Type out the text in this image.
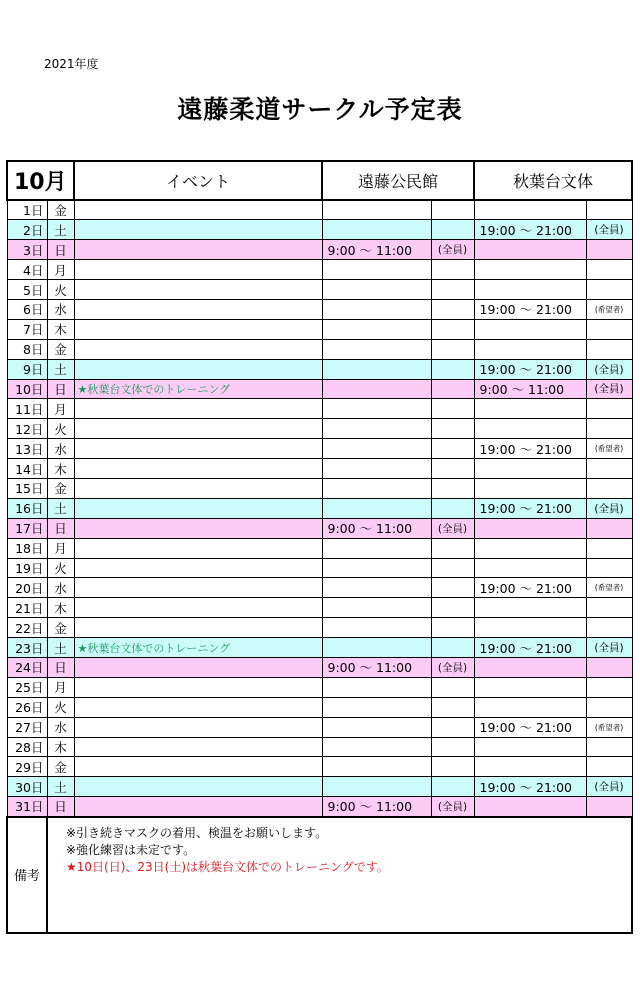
2021年度
遠藤柔道サークル予定表
10月		イベント	遠藤公民館		秋葉台文体	
1日	金					
2日	土				19:00 ～ 21:00	(全員)
3日	日		9:00 ～ 11:00	(全員)		
4日	月					
5日	火					
6日	水				19:00 ～ 21:00	(希望者)
7日	木					
8日	金					
9日	土				19:00 ～ 21:00	(全員)
10日	日	★秋葉台文体でのトレーニング			9:00 ～ 11:00	(全員)
11日	月					
12日	火					
13日	水				19:00 ～ 21:00	(希望者)
14日	木					
15日	金					
16日	土				19:00 ～ 21:00	(全員)
17日	日		9:00 ～ 11:00	(全員)		
18日	月					
19日	火					
20日	水				19:00 ～ 21:00	(希望者)
21日	木					
22日	金					
23日	土	★秋葉台文体でのトレーニング			19:00 ～ 21:00	(全員)
24日	日		9:00 ～ 11:00	(全員)		
25日	月					
26日	火					
27日	水				19:00 ～ 21:00	(希望者)
28日	木					
29日	金					
30日	土				19:00 ～ 21:00	(全員)
31日	日		9:00 ～ 11:00	(全員)		
備考	※引き続きマスクの着用、検温をお願いします。
※強化練習は未定です。
★10日(日)、23日(土)は秋葉台文体でのトレーニングです。					
